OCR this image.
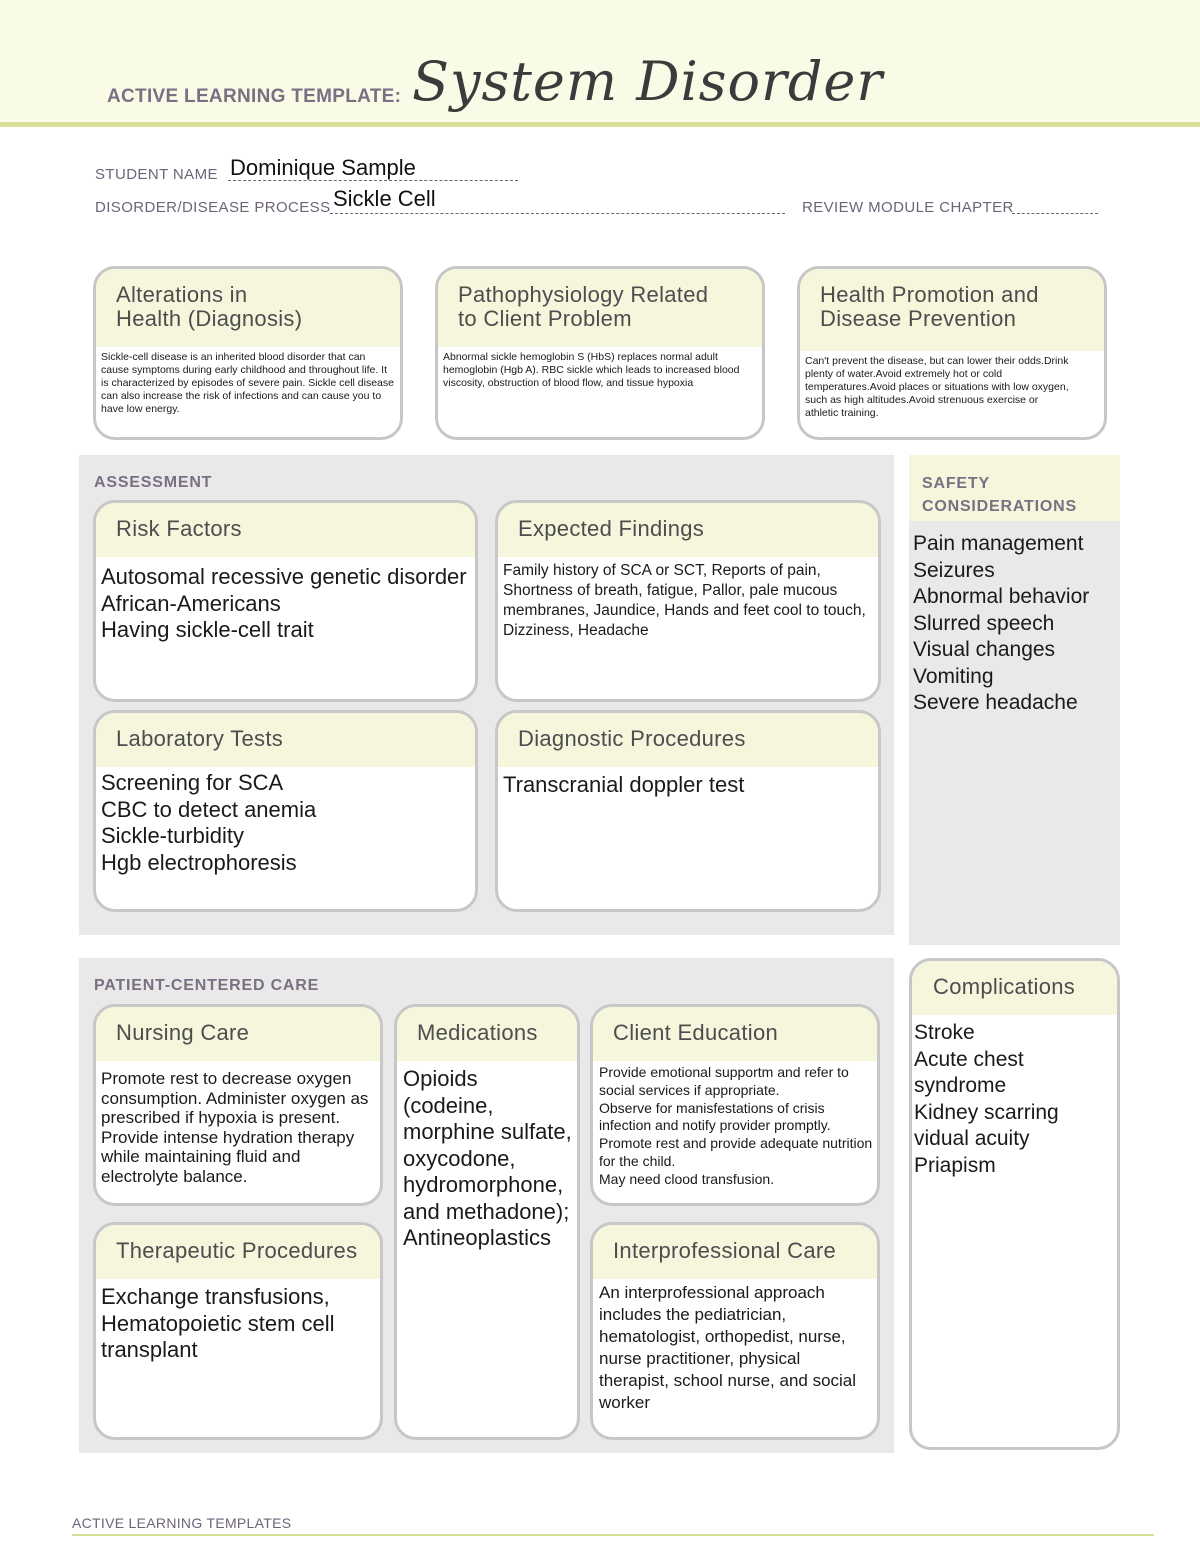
ACTIVE LEARNING TEMPLATE: System Disorder
STUDENT NAME Dominique Sample
DISORDER/DISEASE PROCESS Sickle Cell	REVIEW MODULE CHAPTER
Alterations in
Health (Diagnosis)
Sickle-cell disease is an inherited blood disorder that can cause symptoms during early childhood and throughout life. It is characterized by episodes of severe pain. Sickle cell disease can also increase the risk of infections and can cause you to have low energy.
Pathophysiology Related
to Client Problem
Abnormal sickle hemoglobin S (HbS) replaces normal adult hemoglobin (Hgb A). RBC sickle which leads to increased blood viscosity, obstruction of blood flow, and tissue hypoxia
Health Promotion and
Disease Prevention
Can't prevent the disease, but can lower their odds.Drink plenty of water.Avoid extremely hot or cold temperatures.Avoid places or situations with low oxygen, such as high altitudes.Avoid strenuous exercise or athletic training.
ASSESSMENT
Risk Factors
Autosomal recessive genetic disorder
African-Americans
Having sickle-cell trait
Expected Findings
Family history of SCA or SCT, Reports of pain, Shortness of breath, fatigue, Pallor, pale mucous membranes, Jaundice, Hands and feet cool to touch, Dizziness, Headache
Laboratory Tests
Screening for SCA
CBC to detect anemia
Sickle-turbidity
Hgb electrophoresis
Diagnostic Procedures
Transcranial doppler test
SAFETY
CONSIDERATIONS
Pain management
Seizures
Abnormal behavior
Slurred speech
Visual changes
Vomiting
Severe headache
PATIENT-CENTERED CARE
Nursing Care
Promote rest to decrease oxygen consumption. Administer oxygen as prescribed if hypoxia is present. Provide intense hydration therapy while maintaining fluid and electrolyte balance.
Medications
Opioids (codeine, morphine sulfate, oxycodone, hydromorphone,
and methadone); Antineoplastics
Client Education
Provide emotional supportm and refer to social services if appropriate.
Observe for manisfestations of crisis infection and notify provider promptly.
Promote rest and provide adequate nutrition for the child.
May need clood transfusion.
Therapeutic Procedures
Exchange transfusions, Hematopoietic stem cell transplant
Interprofessional Care
An interprofessional approach includes the pediatrician, hematologist, orthopedist, nurse, nurse practitioner, physical therapist, school nurse, and social worker
Complications
Stroke
Acute chest syndrome
Kidney scarring
vidual acuity
Priapism
ACTIVE LEARNING TEMPLATES
